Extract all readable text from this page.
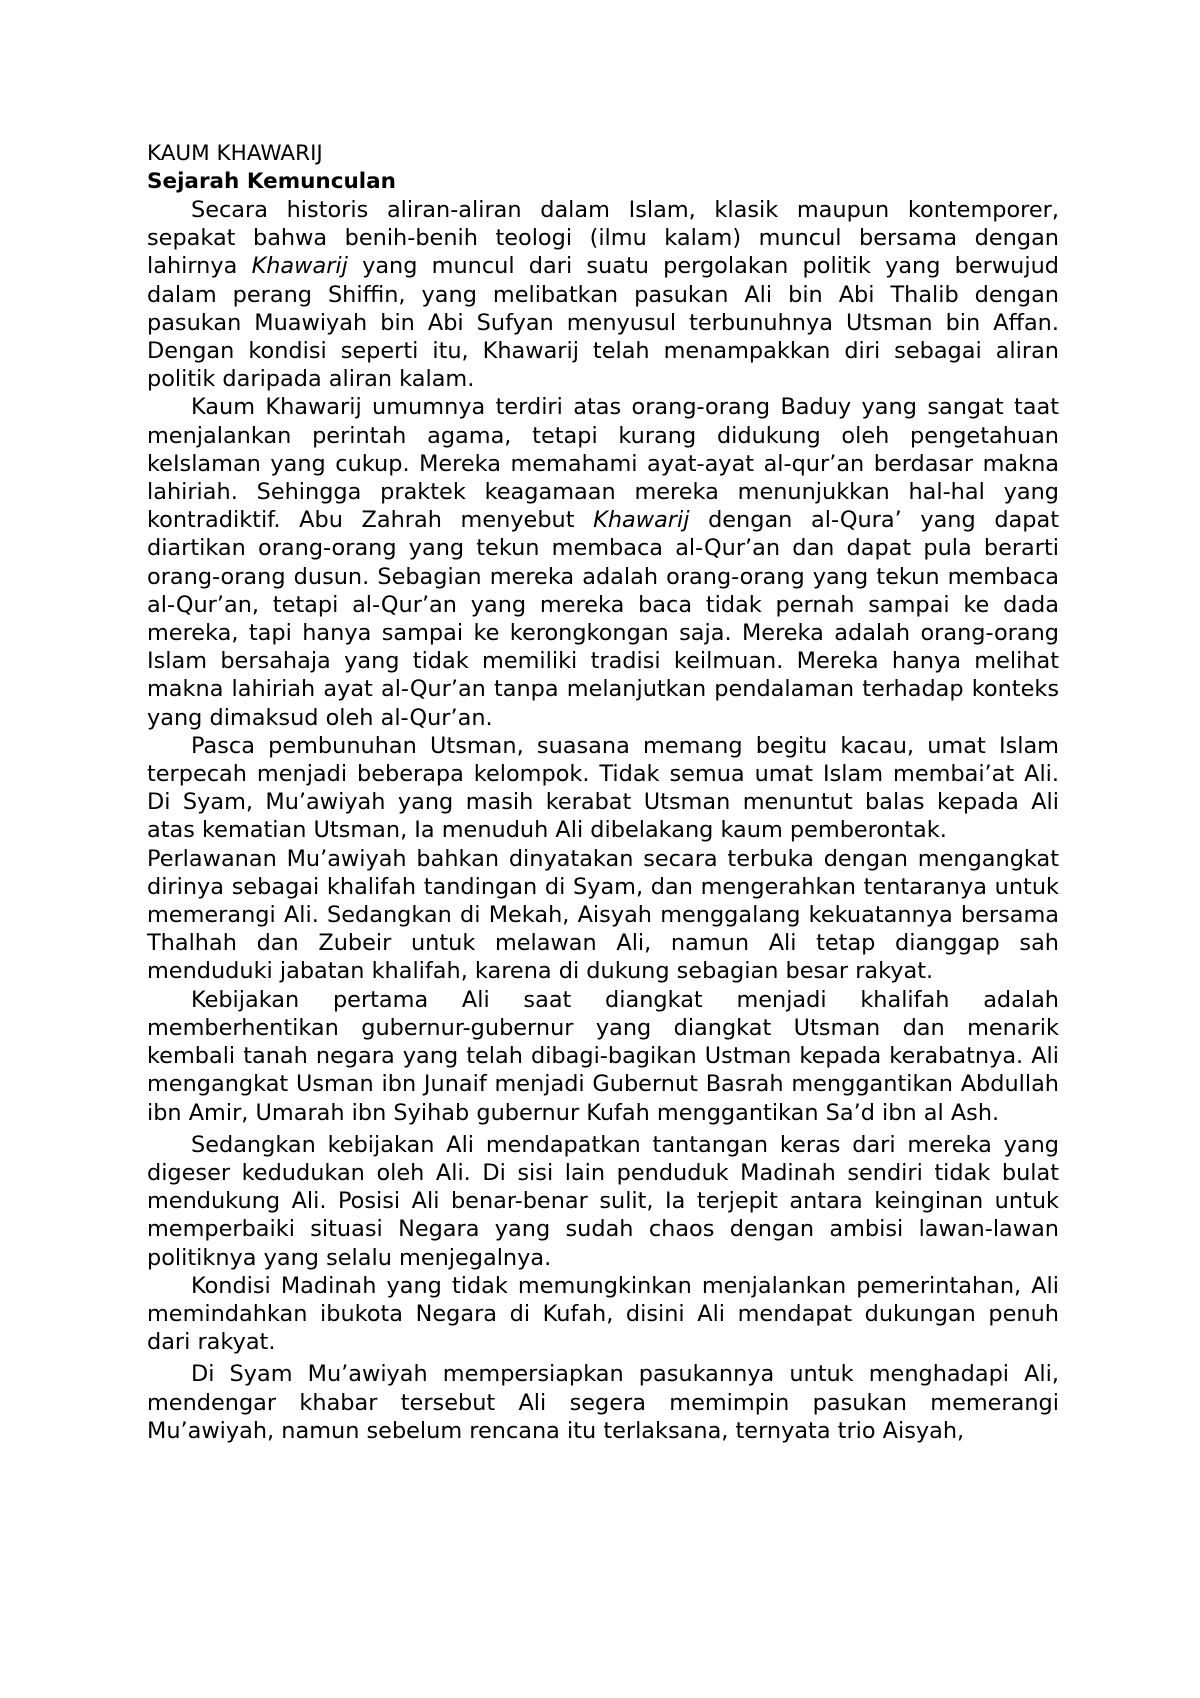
KAUM KHAWARIJ
Sejarah Kemunculan

Secara historis aliran-aliran dalam Islam, klasik maupun kontemporer, sepakat bahwa benih-benih teologi (ilmu kalam) muncul bersama dengan lahirnya Khawarij yang muncul dari suatu pergolakan politik yang berwujud dalam perang Shiffin, yang melibatkan pasukan Ali bin Abi Thalib dengan pasukan Muawiyah bin Abi Sufyan menyusul terbunuhnya Utsman bin Affan. Dengan kondisi seperti itu, Khawarij telah menampakkan diri sebagai aliran politik daripada aliran kalam.

Kaum Khawarij umumnya terdiri atas orang-orang Baduy yang sangat taat menjalankan perintah agama, tetapi kurang didukung oleh pengetahuan keIslaman yang cukup. Mereka memahami ayat-ayat al-qur’an berdasar makna lahiriah. Sehingga praktek keagamaan mereka menunjukkan hal-hal yang kontradiktif. Abu Zahrah menyebut Khawarij dengan al-Qura’ yang dapat diartikan orang-orang yang tekun membaca al-Qur’an dan dapat pula berarti orang-orang dusun. Sebagian mereka adalah orang-orang yang tekun membaca al-Qur’an, tetapi al-Qur’an yang mereka baca tidak pernah sampai ke dada mereka, tapi hanya sampai ke kerongkongan saja. Mereka adalah orang-orang Islam bersahaja yang tidak memiliki tradisi keilmuan. Mereka hanya melihat makna lahiriah ayat al-Qur’an tanpa melanjutkan pendalaman terhadap konteks yang dimaksud oleh al-Qur’an.

Pasca pembunuhan Utsman, suasana memang begitu kacau, umat Islam terpecah menjadi beberapa kelompok. Tidak semua umat Islam membai’at Ali. Di Syam, Mu’awiyah yang masih kerabat Utsman menuntut balas kepada Ali atas kematian Utsman, Ia menuduh Ali dibelakang kaum pemberontak.

Perlawanan Mu’awiyah bahkan dinyatakan secara terbuka dengan mengangkat dirinya sebagai khalifah tandingan di Syam, dan mengerahkan tentaranya untuk memerangi Ali. Sedangkan di Mekah, Aisyah menggalang kekuatannya bersama Thalhah dan Zubeir untuk melawan Ali, namun Ali tetap dianggap sah menduduki jabatan khalifah, karena di dukung sebagian besar rakyat.

Kebijakan pertama Ali saat diangkat menjadi khalifah adalah memberhentikan gubernur-gubernur yang diangkat Utsman dan menarik kembali tanah negara yang telah dibagi-bagikan Ustman kepada kerabatnya. Ali mengangkat Usman ibn Junaif menjadi Gubernut Basrah menggantikan Abdullah ibn Amir, Umarah ibn Syihab gubernur Kufah menggantikan Sa’d ibn al Ash.

Sedangkan kebijakan Ali mendapatkan tantangan keras dari mereka yang digeser kedudukan oleh Ali. Di sisi lain penduduk Madinah sendiri tidak bulat mendukung Ali. Posisi Ali benar-benar sulit, Ia terjepit antara keinginan untuk memperbaiki situasi Negara yang sudah chaos dengan ambisi lawan-lawan politiknya yang selalu menjegalnya.

Kondisi Madinah yang tidak memungkinkan menjalankan pemerintahan, Ali memindahkan ibukota Negara di Kufah, disini Ali mendapat dukungan penuh dari rakyat.

Di Syam Mu’awiyah mempersiapkan pasukannya untuk menghadapi Ali, mendengar khabar tersebut Ali segera memimpin pasukan memerangi Mu’awiyah, namun sebelum rencana itu terlaksana, ternyata trio Aisyah,
